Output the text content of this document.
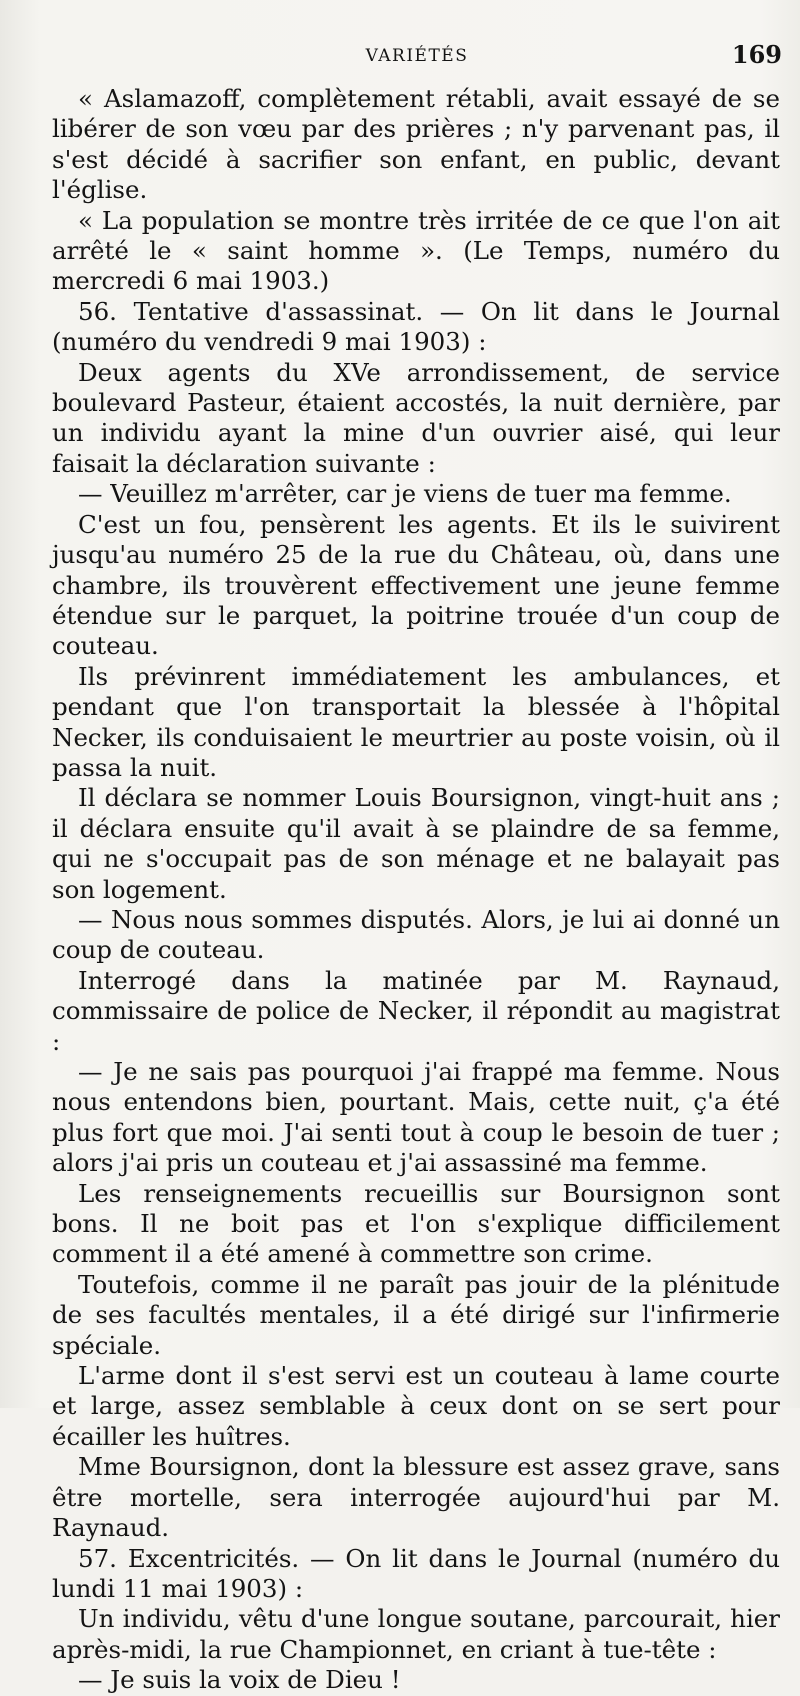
VARIÉTÉS	169

« Aslamazoff, complètement rétabli, avait essayé de se libérer de son vœu par des prières ; n'y parvenant pas, il s'est décidé à sacrifier son enfant, en public, devant l'église.

« La population se montre très irritée de ce que l'on ait arrêté le « saint homme ». (Le Temps, numéro du mercredi 6 mai 1903.)

56. Tentative d'assassinat. — On lit dans le Journal (numéro du vendredi 9 mai 1903) :

Deux agents du XVe arrondissement, de service boulevard Pasteur, étaient accostés, la nuit dernière, par un individu ayant la mine d'un ouvrier aisé, qui leur faisait la déclaration suivante :

— Veuillez m'arrêter, car je viens de tuer ma femme.

C'est un fou, pensèrent les agents. Et ils le suivirent jusqu'au numéro 25 de la rue du Château, où, dans une chambre, ils trouvèrent effectivement une jeune femme étendue sur le parquet, la poitrine trouée d'un coup de couteau.

Ils prévinrent immédiatement les ambulances, et pendant que l'on transportait la blessée à l'hôpital Necker, ils conduisaient le meurtrier au poste voisin, où il passa la nuit.

Il déclara se nommer Louis Boursignon, vingt-huit ans ; il déclara ensuite qu'il avait à se plaindre de sa femme, qui ne s'occupait pas de son ménage et ne balayait pas son logement.

— Nous nous sommes disputés. Alors, je lui ai donné un coup de couteau.

Interrogé dans la matinée par M. Raynaud, commissaire de police de Necker, il répondit au magistrat :

— Je ne sais pas pourquoi j'ai frappé ma femme. Nous nous entendons bien, pourtant. Mais, cette nuit, ç'a été plus fort que moi. J'ai senti tout à coup le besoin de tuer ; alors j'ai pris un couteau et j'ai assassiné ma femme.

Les renseignements recueillis sur Boursignon sont bons. Il ne boit pas et l'on s'explique difficilement comment il a été amené à commettre son crime.

Toutefois, comme il ne paraît pas jouir de la plénitude de ses facultés mentales, il a été dirigé sur l'infirmerie spéciale.

L'arme dont il s'est servi est un couteau à lame courte et large, assez semblable à ceux dont on se sert pour écailler les huîtres.

Mme Boursignon, dont la blessure est assez grave, sans être mortelle, sera interrogée aujourd'hui par M. Raynaud.

57. Excentricités. — On lit dans le Journal (numéro du lundi 11 mai 1903) :

Un individu, vêtu d'une longue soutane, parcourait, hier après-midi, la rue Championnet, en criant à tue-tête :

— Je suis la voix de Dieu !
